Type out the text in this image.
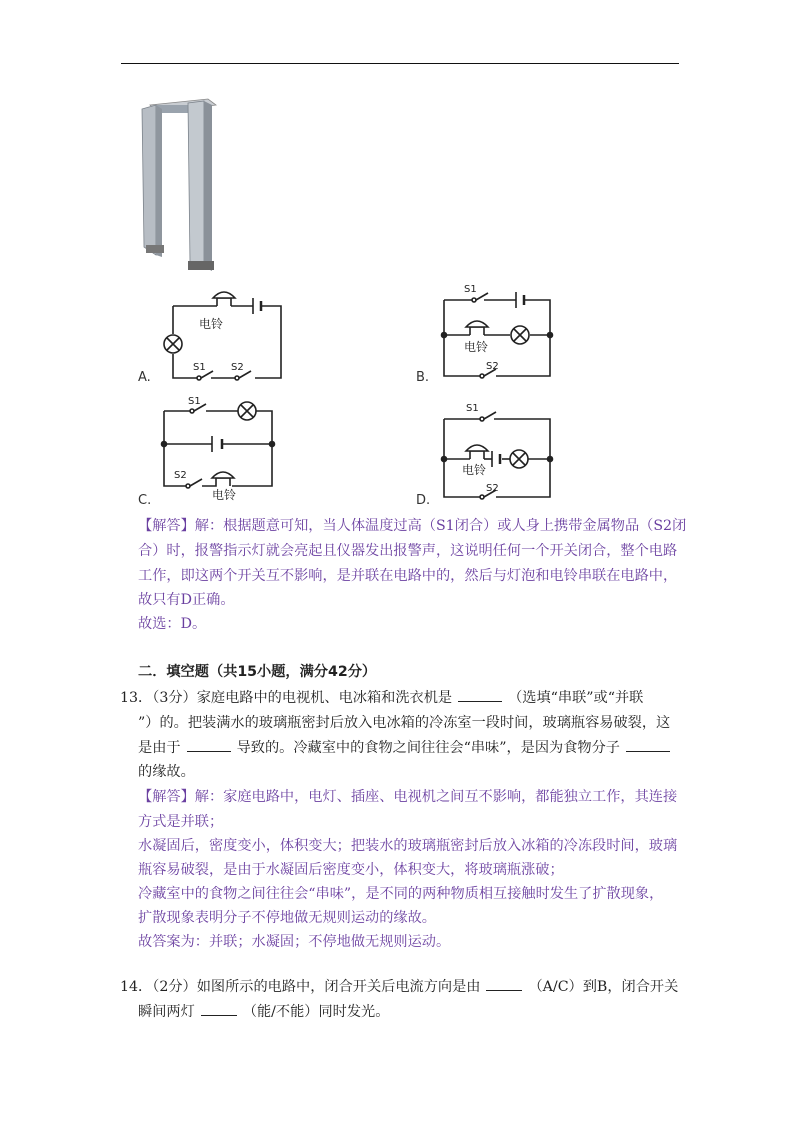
电铃
S1	S2
A.
S1
电铃
S2
B.
S1
S2
电铃
C.
S1
电铃
S2
D.
【解答】解：根据题意可知，当人体温度过高（S1闭合）或人身上携带金属物品（S2闭
合）时，报警指示灯就会亮起且仪器发出报警声，这说明任何一个开关闭合，整个电路
工作，即这两个开关互不影响，是并联在电路中的，然后与灯泡和电铃串联在电路中，
故只有D正确。
故选：D。
二．填空题（共15小题，满分42分）
13．（3分）家庭电路中的电视机、电冰箱和洗衣机是	（选填“串联”或“并联
”）的。把装满水的玻璃瓶密封后放入电冰箱的冷冻室一段时间，玻璃瓶容易破裂，这
是由于	导致的。冷藏室中的食物之间往往会“串味”，是因为食物分子
的缘故。
【解答】解：家庭电路中，电灯、插座、电视机之间互不影响，都能独立工作，其连接
方式是并联；
水凝固后，密度变小，体积变大；把装水的玻璃瓶密封后放入冰箱的冷冻段时间，玻璃
瓶容易破裂，是由于水凝固后密度变小，体积变大，将玻璃瓶涨破；
冷藏室中的食物之间往往会“串味”，是不同的两种物质相互接触时发生了扩散现象，
扩散现象表明分子不停地做无规则运动的缘故。
故答案为：并联；水凝固；不停地做无规则运动。
14．（2分）如图所示的电路中，闭合开关后电流方向是由	（A/C）到B，闭合开关
瞬间两灯	（能/不能）同时发光。
